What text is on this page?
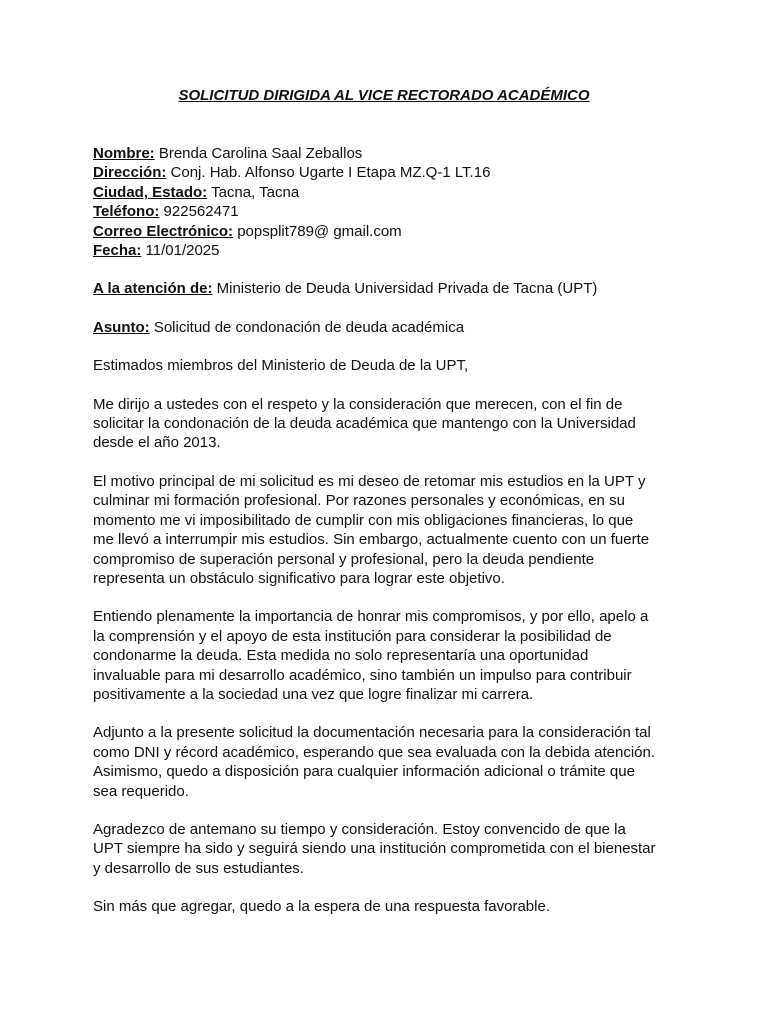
SOLICITUD DIRIGIDA AL VICE RECTORADO ACADÉMICO
Nombre: Brenda Carolina Saal Zeballos
Dirección: Conj. Hab. Alfonso Ugarte I Etapa MZ.Q-1 LT.16
Ciudad, Estado: Tacna, Tacna
Teléfono: 922562471
Correo Electrónico: popsplit789@ gmail.com
Fecha: 11/01/2025
A la atención de: Ministerio de Deuda Universidad Privada de Tacna (UPT)
Asunto: Solicitud de condonación de deuda académica
Estimados miembros del Ministerio de Deuda de la UPT,
Me dirijo a ustedes con el respeto y la consideración que merecen, con el fin de
solicitar la condonación de la deuda académica que mantengo con la Universidad
desde el año 2013.
El motivo principal de mi solicitud es mi deseo de retomar mis estudios en la UPT y
culminar mi formación profesional. Por razones personales y económicas, en su
momento me vi imposibilitado de cumplir con mis obligaciones financieras, lo que
me llevó a interrumpir mis estudios. Sin embargo, actualmente cuento con un fuerte
compromiso de superación personal y profesional, pero la deuda pendiente
representa un obstáculo significativo para lograr este objetivo.
Entiendo plenamente la importancia de honrar mis compromisos, y por ello, apelo a
la comprensión y el apoyo de esta institución para considerar la posibilidad de
condonarme la deuda. Esta medida no solo representaría una oportunidad
invaluable para mi desarrollo académico, sino también un impulso para contribuir
positivamente a la sociedad una vez que logre finalizar mi carrera.
Adjunto a la presente solicitud la documentación necesaria para la consideración tal
como DNI y récord académico, esperando que sea evaluada con la debida atención.
Asimismo, quedo a disposición para cualquier información adicional o trámite que
sea requerido.
Agradezco de antemano su tiempo y consideración. Estoy convencido de que la
UPT siempre ha sido y seguirá siendo una institución comprometida con el bienestar
y desarrollo de sus estudiantes.
Sin más que agregar, quedo a la espera de una respuesta favorable.
